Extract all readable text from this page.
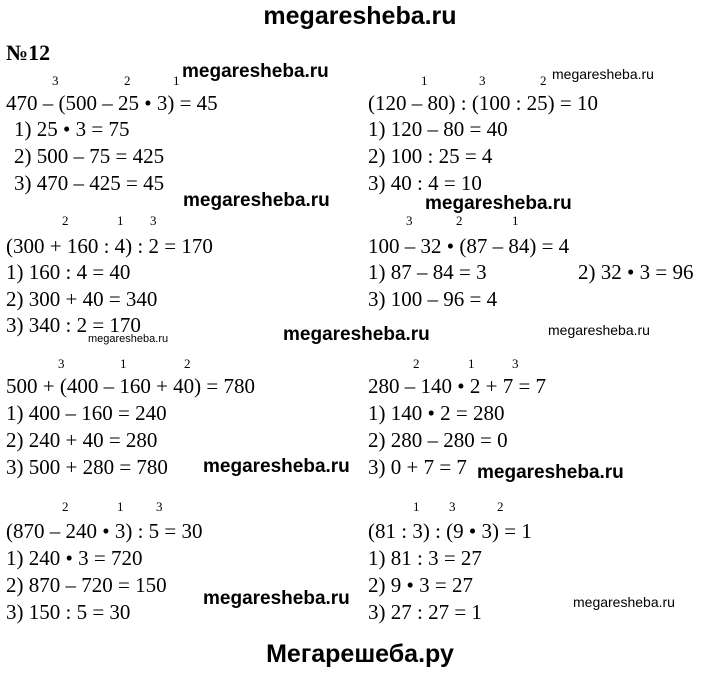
megaresheba.ru
№12
3	2	1
470 – (500 – 25 • 3) = 45
1) 25 • 3 = 75
2) 500 – 75 = 425
3) 470 – 425 = 45
1	3	2
(120 – 80) : (100 : 25) = 10
1) 120 – 80 = 40
2) 100 : 25 = 4
3) 40 : 4 = 10
2	1 3
(300 + 160 : 4) : 2 = 170
1) 160 : 4 = 40
2) 300 + 40 = 340
3) 340 : 2 = 170
3	2	1
100 – 32 • (87 – 84) = 4
1) 87 – 84 = 3	2) 32 • 3 = 96
3) 100 – 96 = 4
3	1	2
500 + (400 – 160 + 40) = 780
1) 400 – 160 = 240
2) 240 + 40 = 280
3) 500 + 280 = 780
2	1	3
280 – 140 • 2 + 7 = 7
1) 140 • 2 = 280
2) 280 – 280 = 0
3) 0 + 7 = 7
2	1	3
(870 – 240 • 3) : 5 = 30
1) 240 • 3 = 720
2) 870 – 720 = 150
3) 150 : 5 = 30
1 3	2
(81 : 3) : (9 • 3) = 1
1) 81 : 3 = 27
2) 9 • 3 = 27
3) 27 : 27 = 1
megaresheba.ru	megaresheba.ru
megaresheba.ru	megaresheba.ru
megaresheba.ru	megaresheba.ru	megaresheba.ru
megaresheba.ru	megaresheba.ru
megaresheba.ru	megaresheba.ru
Мегарешеба.ру
